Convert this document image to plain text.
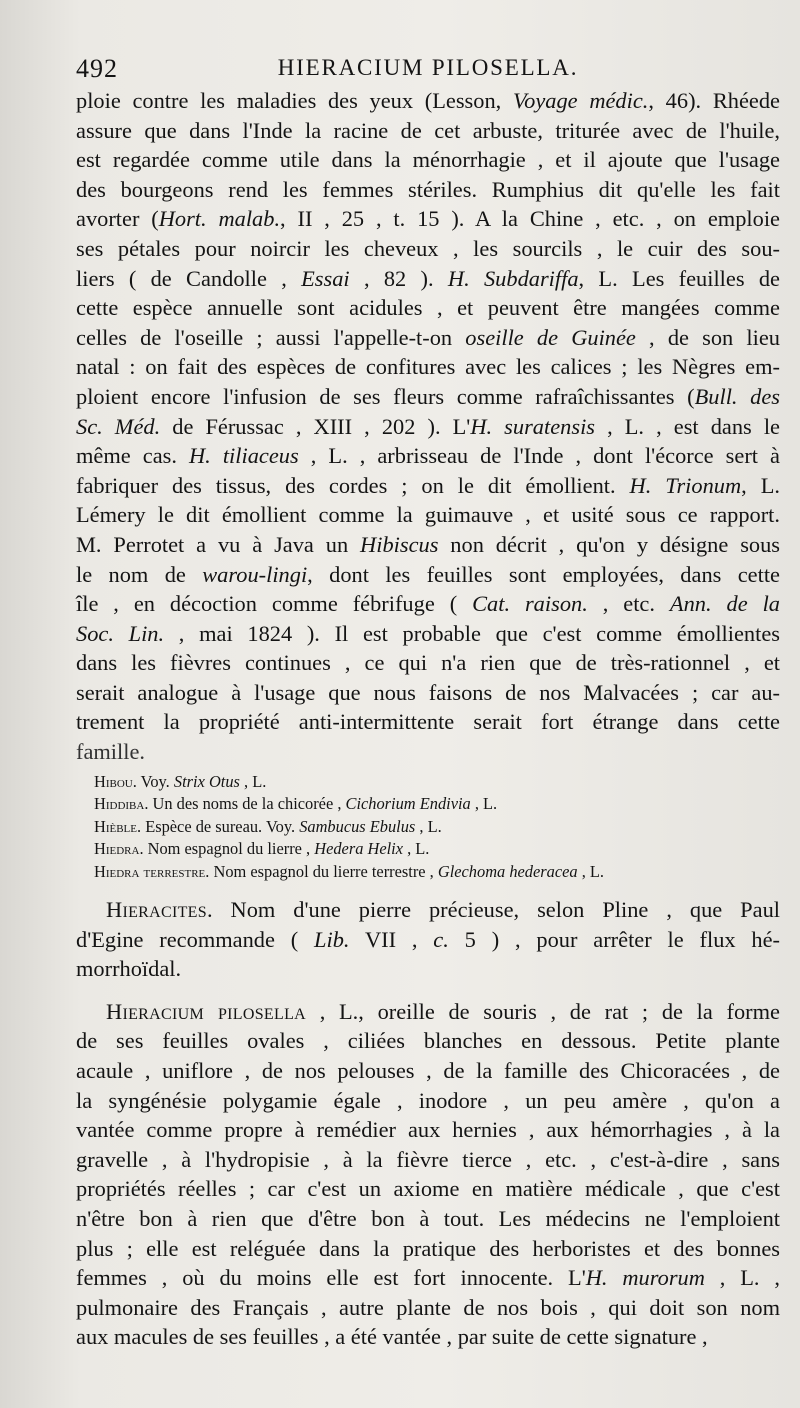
492	HIERACIUM PILOSELLA.
ploie contre les maladies des yeux (Lesson, Voyage médic., 46). Rhéede
assure que dans l'Inde la racine de cet arbuste, triturée avec de l'huile,
est regardée comme utile dans la ménorrhagie , et il ajoute que l'usage
des bourgeons rend les femmes stériles. Rumphius dit qu'elle les fait
avorter (Hort. malab., II , 25 , t. 15 ). A la Chine , etc. , on emploie
ses pétales pour noircir les cheveux , les sourcils , le cuir des sou-
liers ( de Candolle , Essai , 82 ). H. Subdariffa, L. Les feuilles de
cette espèce annuelle sont acidules , et peuvent être mangées comme
celles de l'oseille ; aussi l'appelle-t-on oseille de Guinée , de son lieu
natal : on fait des espèces de confitures avec les calices ; les Nègres em-
ploient encore l'infusion de ses fleurs comme rafraîchissantes (Bull. des
Sc. Méd. de Férussac , XIII , 202 ). L'H. suratensis , L. , est dans le
même cas. H. tiliaceus , L. , arbrisseau de l'Inde , dont l'écorce sert à
fabriquer des tissus, des cordes ; on le dit émollient. H. Trionum, L.
Lémery le dit émollient comme la guimauve , et usité sous ce rapport.
M. Perrotet a vu à Java un Hibiscus non décrit , qu'on y désigne sous
le nom de warou-lingi, dont les feuilles sont employées, dans cette
île , en décoction comme fébrifuge ( Cat. raison. , etc. Ann. de la
Soc. Lin. , mai 1824 ). Il est probable que c'est comme émollientes
dans les fièvres continues , ce qui n'a rien que de très-rationnel , et
serait analogue à l'usage que nous faisons de nos Malvacées ; car au-
trement la propriété anti-intermittente serait fort étrange dans cette
famille.
Hibou. Voy. Strix Otus , L.
Hiddiba. Un des noms de la chicorée , Cichorium Endivia , L.
Hièble. Espèce de sureau. Voy. Sambucus Ebulus , L.
Hiedra. Nom espagnol du lierre , Hedera Helix , L.
Hiedra terrestre. Nom espagnol du lierre terrestre , Glechoma hederacea , L.
Hieracites. Nom d'une pierre précieuse, selon Pline , que Paul
d'Egine recommande ( Lib. VII , c. 5 ) , pour arrêter le flux hé-
morrhoïdal.
Hieracium pilosella , L., oreille de souris , de rat ; de la forme
de ses feuilles ovales , ciliées blanches en dessous. Petite plante
acaule , uniflore , de nos pelouses , de la famille des Chicoracées , de
la syngénésie polygamie égale , inodore , un peu amère , qu'on a
vantée comme propre à remédier aux hernies , aux hémorrhagies , à la
gravelle , à l'hydropisie , à la fièvre tierce , etc. , c'est-à-dire , sans
propriétés réelles ; car c'est un axiome en matière médicale , que c'est
n'être bon à rien que d'être bon à tout. Les médecins ne l'emploient
plus ; elle est reléguée dans la pratique des herboristes et des bonnes
femmes , où du moins elle est fort innocente. L'H. murorum , L. ,
pulmonaire des Français , autre plante de nos bois , qui doit son nom
aux macules de ses feuilles , a été vantée , par suite de cette signature ,
